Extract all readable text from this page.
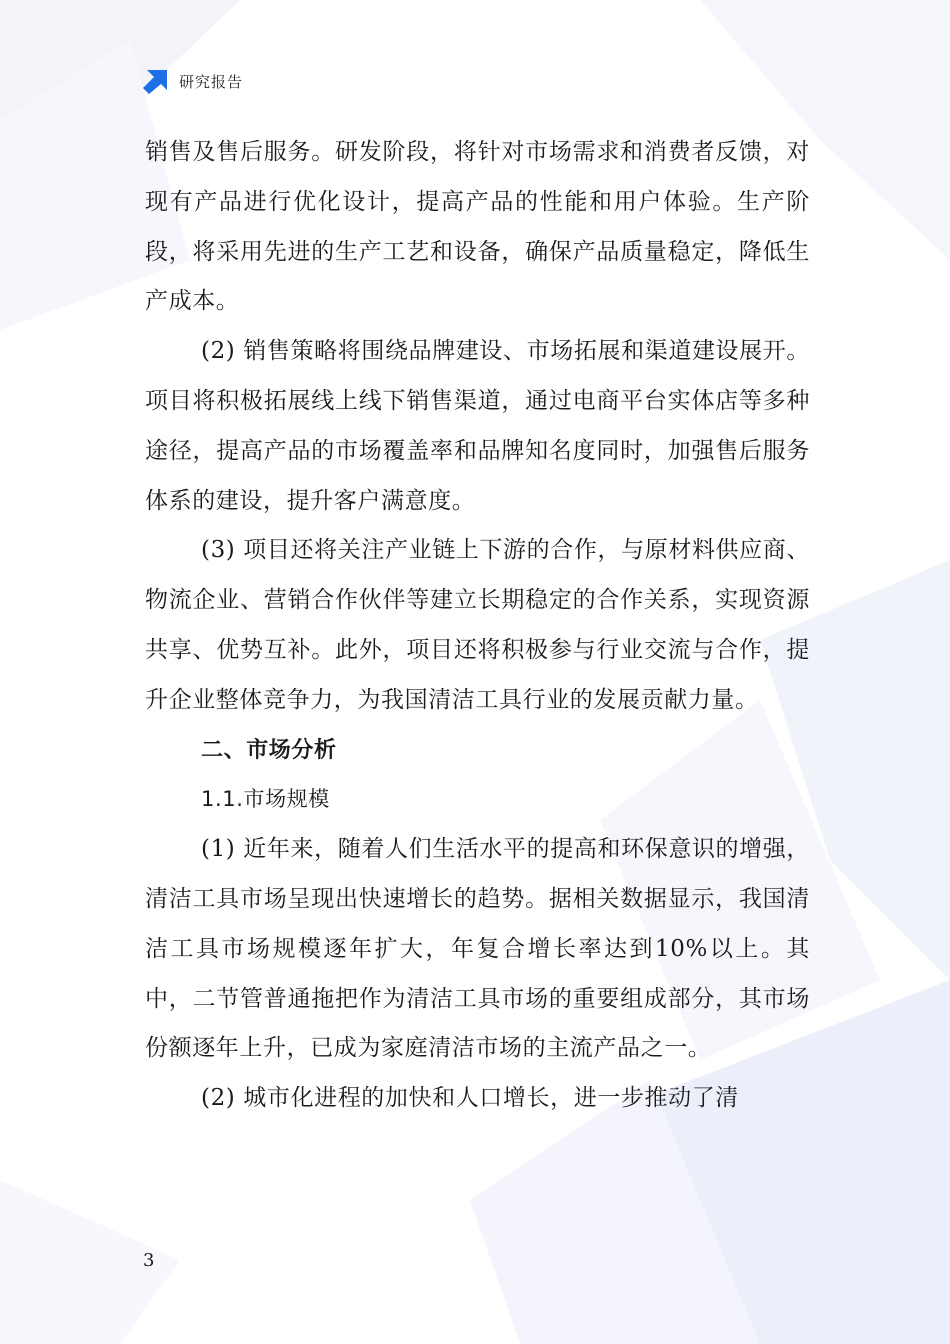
研究报告

销售及售后服务。研发阶段，将针对市场需求和消费者反馈，对现有产品进行优化设计，提高产品的性能和用户体验。生产阶段，将采用先进的生产工艺和设备，确保产品质量稳定，降低生产成本。

(2) 销售策略将围绕品牌建设、市场拓展和渠道建设展开。项目将积极拓展线上线下销售渠道，通过电商平台实体店等多种途径，提高产品的市场覆盖率和品牌知名度同时，加强售后服务体系的建设，提升客户满意度。

(3) 项目还将关注产业链上下游的合作，与原材料供应商、物流企业、营销合作伙伴等建立长期稳定的合作关系，实现资源共享、优势互补。此外，项目还将积极参与行业交流与合作，提升企业整体竞争力，为我国清洁工具行业的发展贡献力量。

二、市场分析

1.1.市场规模

(1) 近年来，随着人们生活水平的提高和环保意识的增强，清洁工具市场呈现出快速增长的趋势。据相关数据显示，我国清洁工具市场规模逐年扩大，年复合增长率达到10%以上。其中，二节管普通拖把作为清洁工具市场的重要组成部分，其市场份额逐年上升，已成为家庭清洁市场的主流产品之一。

(2) 城市化进程的加快和人口增长，进一步推动了清

3
